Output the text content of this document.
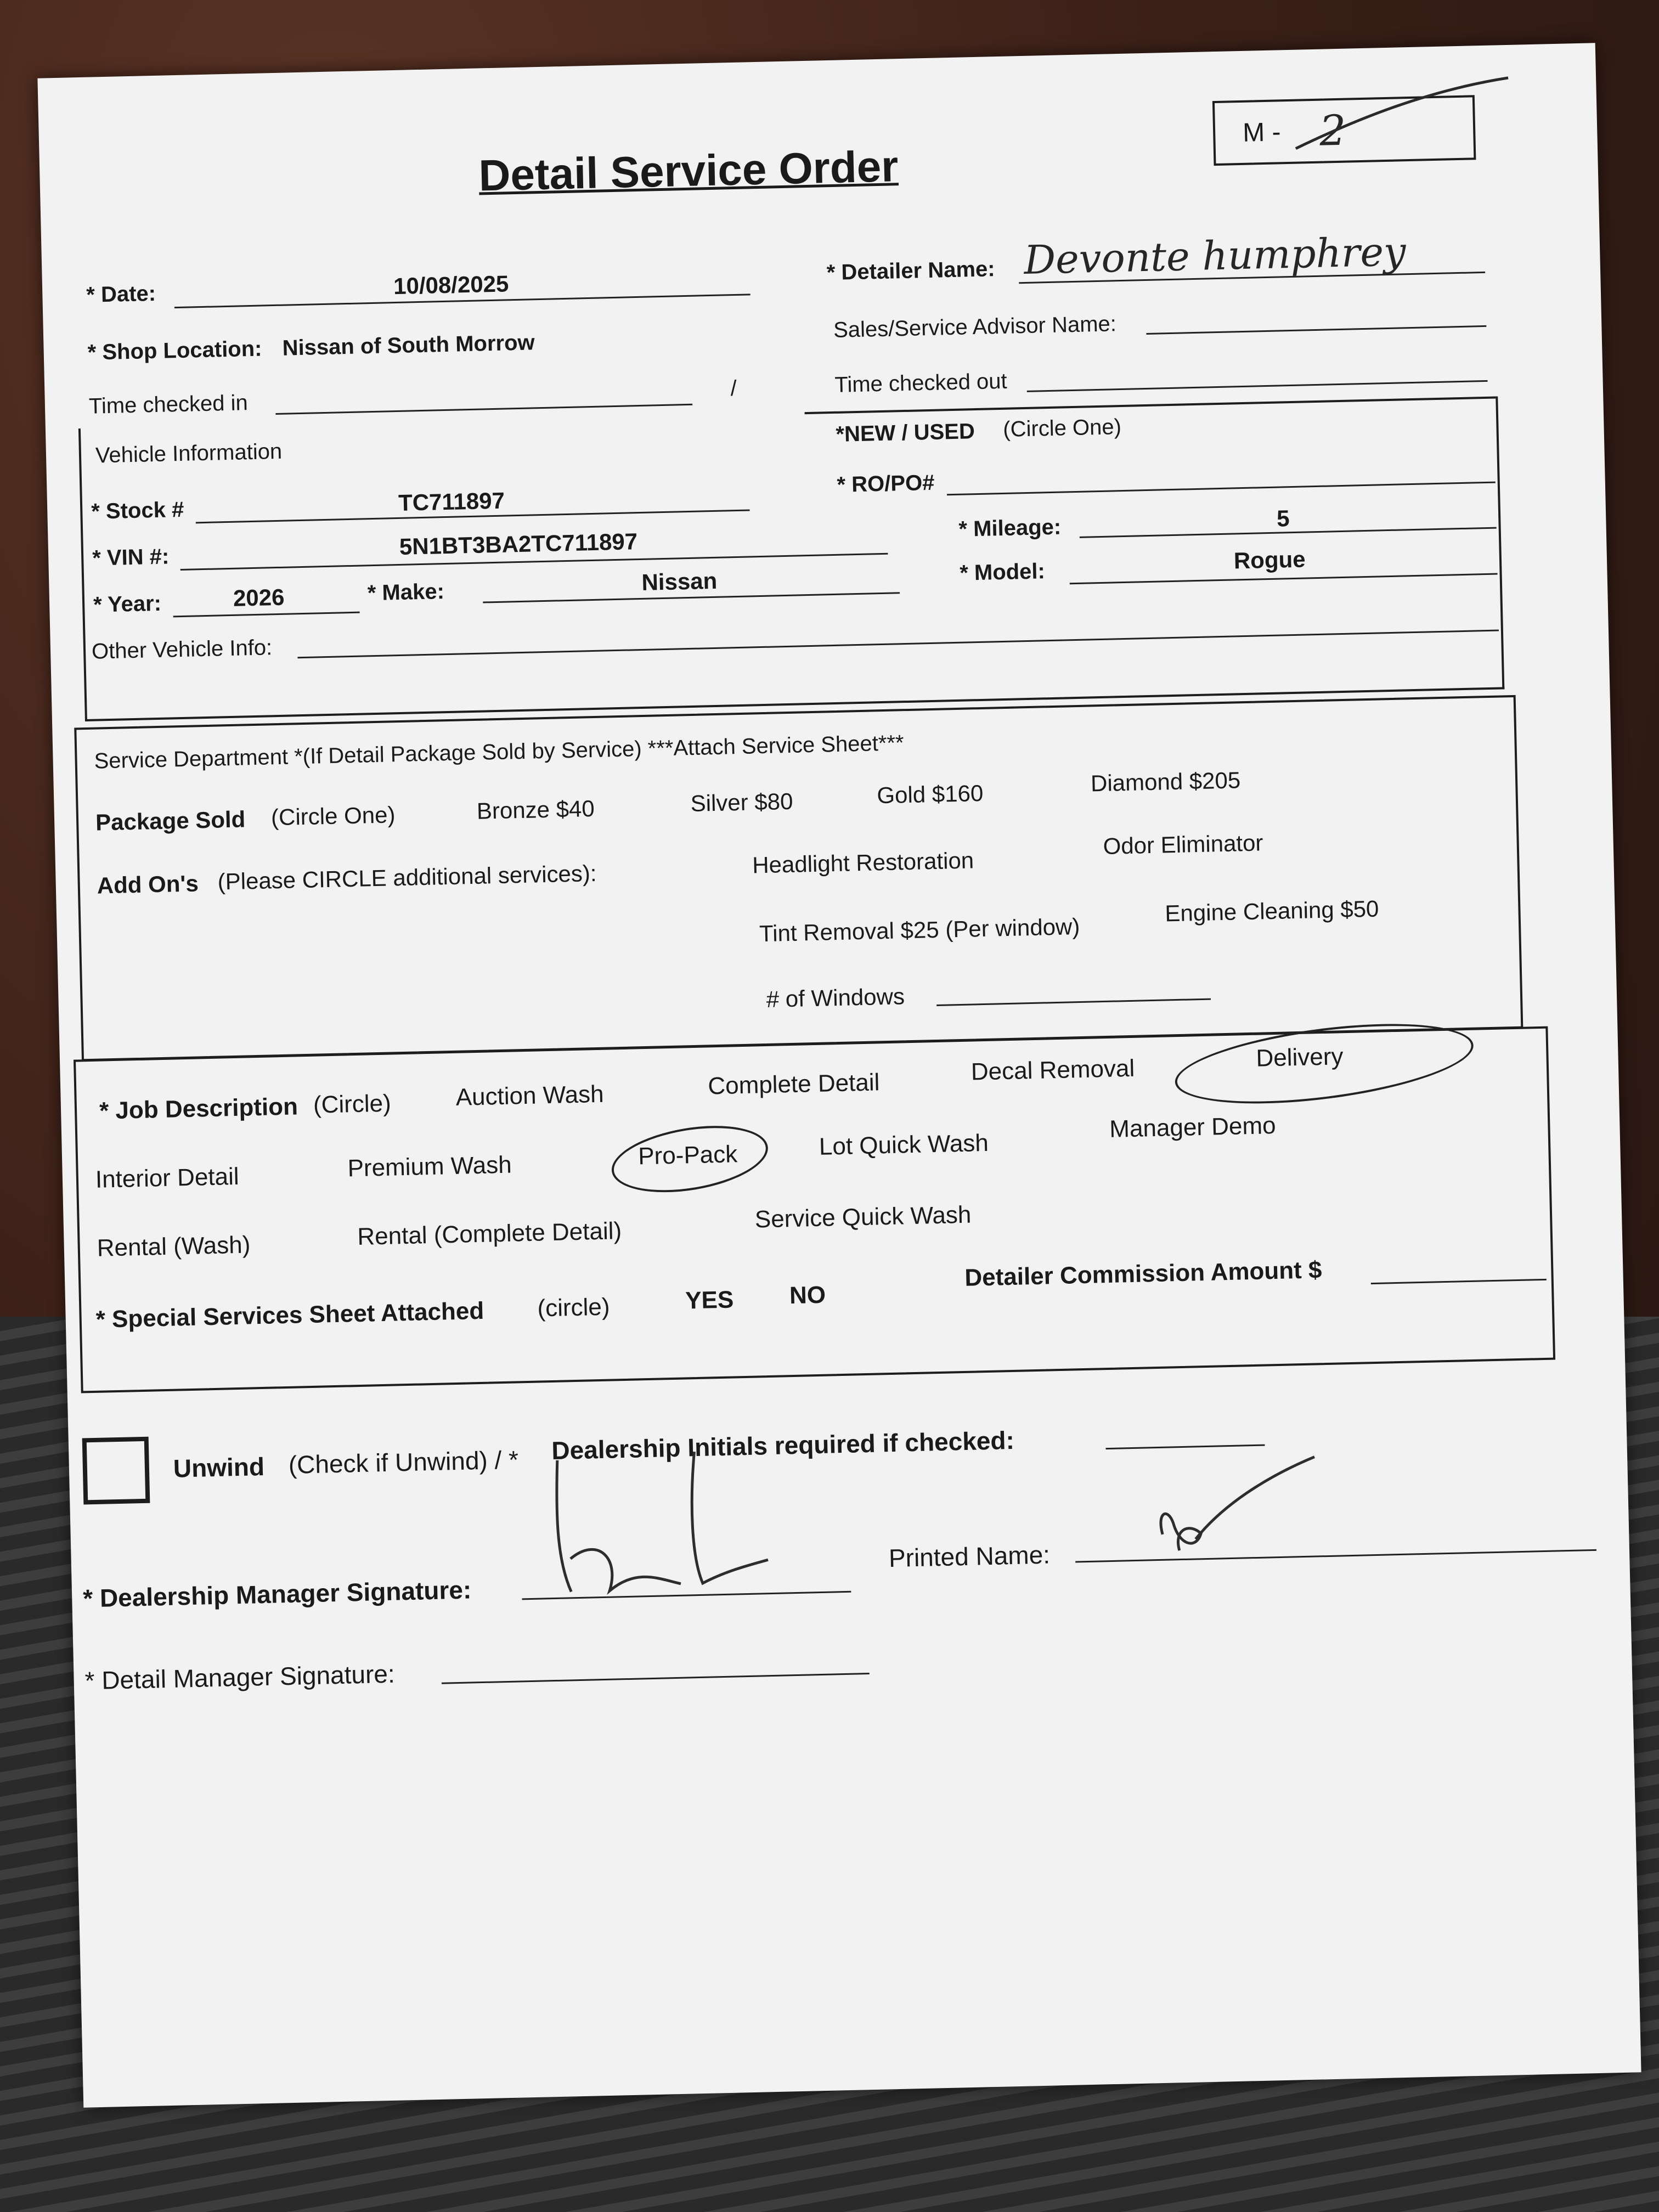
Detail Service Order
M - 2
* Date:	10/08/2025	* Detailer Name: Devonte humphrey
* Shop Location: Nissan of South Morrow
Sales/Service Advisor Name:
Time checked in
/	Time checked out
Vehicle Information
*NEW / USED (Circle One)
* Stock #	TC711897
* RO/PO#
* VIN #:	5N1BT3BA2TC711897
* Mileage:	5
* Year:	2026	* Make:	Nissan	* Model:	Rogue
Other Vehicle Info:
Service Department *(If Detail Package Sold by Service) ***Attach Service Sheet***
Package Sold (Circle One)	Bronze $40	Silver $80	Gold $160	Diamond $205
Add On's (Please CIRCLE additional services):	Headlight Restoration
Odor Eliminator
Tint Removal $25 (Per window)
Engine Cleaning $50
# of Windows
* Job Description (Circle)	Auction Wash	Complete Detail	Decal Removal	Delivery
Interior Detail	Premium Wash	Pro-Pack	Lot Quick Wash
Manager Demo
Rental (Wash)	Rental (Complete Detail)
Service Quick Wash
* Special Services Sheet Attached (circle)	YES NO
Detailer Commission Amount $
Unwind (Check if Unwind) / * Dealership Initials required if checked:
* Dealership Manager Signature:
Printed Name:
* Detail Manager Signature:
